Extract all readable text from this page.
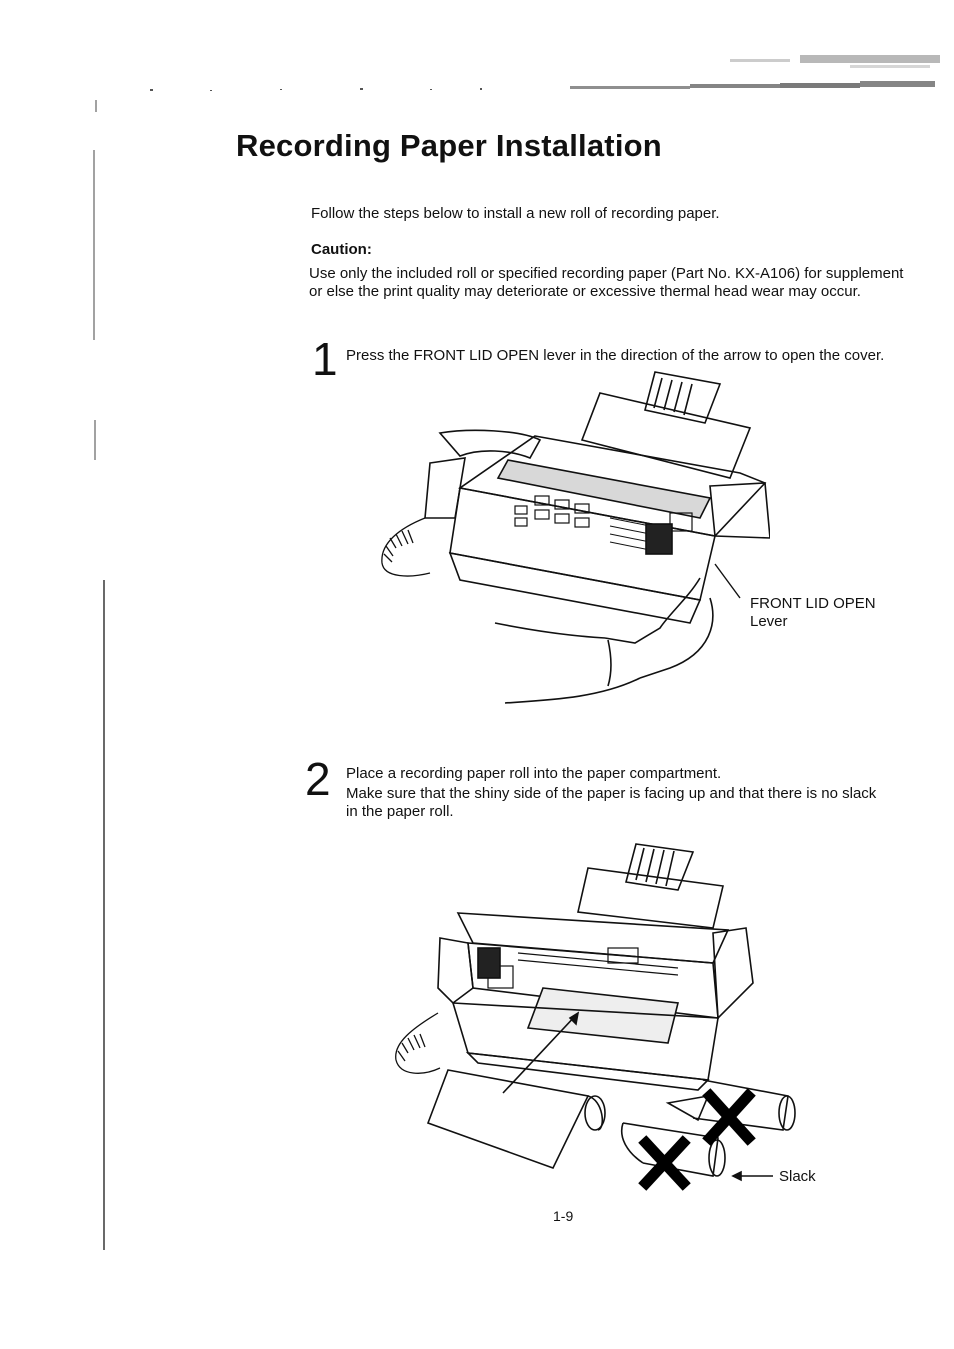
Recording Paper Installation

Follow the steps below to install a new roll of recording paper.

Caution:

Use only the included roll or specified recording paper (Part No. KX-A106) for supplement or else the print quality may deteriorate or excessive thermal head wear may occur.

1 Press the FRONT LID OPEN lever in the direction of the arrow to open the cover.

FRONT LID OPEN
Lever
2 Place a recording paper roll into the paper compartment.

Make sure that the shiny side of the paper is facing up and that there is no slack in the paper roll.

Slack
1-9
